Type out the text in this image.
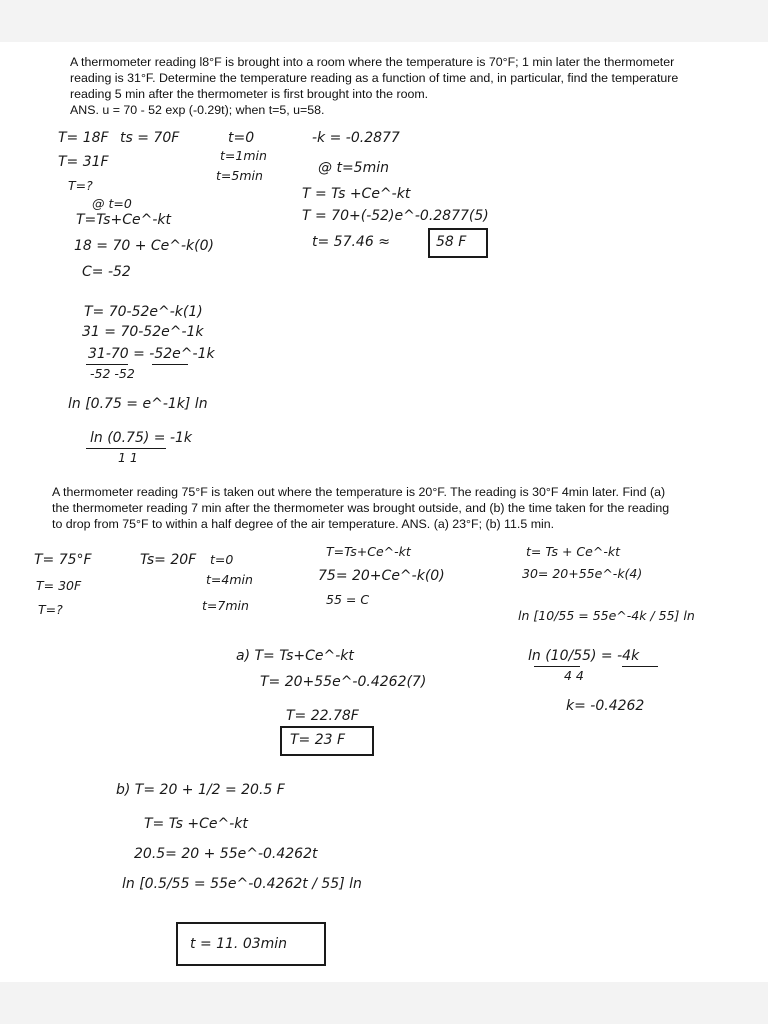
A thermometer reading l8°F is brought into a room where the temperature is 70°F; 1 min later the thermometer
reading is 31°F. Determine the temperature reading as a function of time and, in particular, find the temperature
reading 5 min after the thermometer is first brought into the room.
ANS. u = 70 - 52 exp (-0.29t); when t=5, u=58.

T= 18F ts = 70F	t=0
T= 31F	t=1min
t=5min
T=?
@ t=0
T=Ts+Ce^-kt
18 = 70 + Ce^-k(0)
C= -52
T= 70-52e^-k(1)
31 = 70-52e^-1k
31-70 = -52e^-1k
-52 -52
ln [0.75 = e^-1k] ln
ln (0.75) = -1k
1 1
-k = -0.2877
@ t=5min
T = Ts +Ce^-kt
T = 70+(-52)e^-0.2877(5)
t= 57.46 ≈	58 F

A thermometer reading 75°F is taken out where the temperature is 20°F. The reading is 30°F 4min later. Find (a)
the thermometer reading 7 min after the thermometer was brought outside, and (b) the time taken for the reading
to drop from 75°F to within a half degree of the air temperature. ANS. (a) 23°F; (b) 11.5 min.

T= 75°F	Ts= 20F t=0
T= 30F	t=4min
T=?	t=7min
T=Ts+Ce^-kt
75= 20+Ce^-k(0)
55 = C
t= Ts + Ce^-kt
30= 20+55e^-k(4)
ln [10/55 = 55e^-4k / 55] ln
ln (10/55) = -4k
4 4
k= -0.4262
a) T= Ts+Ce^-kt
T= 20+55e^-0.4262(7)
T= 22.78F
T= 23 F
b) T= 20 + 1/2 = 20.5 F
T= Ts +Ce^-kt
20.5= 20 + 55e^-0.4262t
ln [0.5/55 = 55e^-0.4262t / 55] ln
t = 11. 03min
